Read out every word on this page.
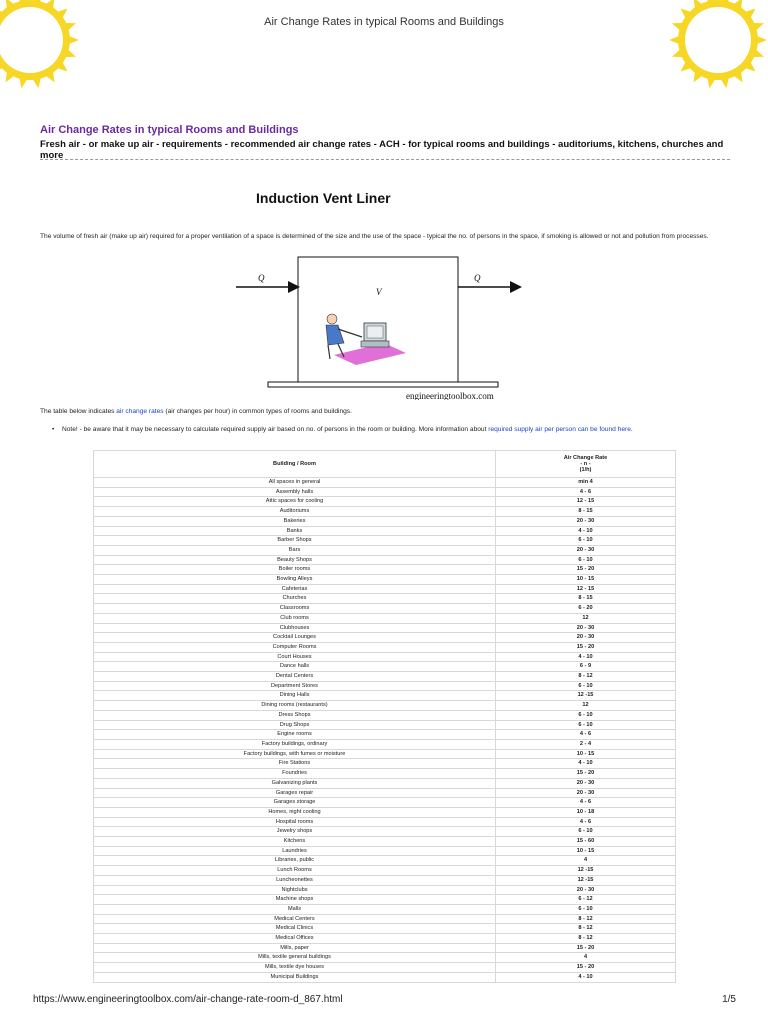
Air Change Rates in typical Rooms and Buildings
Air Change Rates in typical Rooms and Buildings
Fresh air - or make up air - requirements - recommended air change rates - ACH - for typical rooms and buildings - auditoriums, kitchens, churches and more
Induction Vent Liner
The volume of fresh air (make up air) required for a proper ventilation of a space is determined of the size and the use of the space - typical the no. of persons in the space, if smoking is allowed or not and pollution from processes.
Q
V
Q
engineeringtoolbox.com
The table below indicates air change rates (air changes per hour) in common types of rooms and buildings.
• Note! - be aware that it may be necessary to calculate required supply air based on no. of persons in the room or building. More information about required supply air per person can be found here.
Building / Room	Air Change Rate
- n -
(1/h)

All spaces in general	min 4
Assembly halls	4 - 6
Attic spaces for cooling	12 - 15
Auditoriums	8 - 15
Bakeries	20 - 30
Banks	4 - 10
Barber Shops	6 - 10
Bars	20 - 30
Beauty Shops	6 - 10
Boiler rooms	15 - 20
Bowling Alleys	10 - 15
Cafeterias	12 - 15
Churches	8 - 15
Classrooms	6 - 20
Club rooms	12
Clubhouses	20 - 30
Cocktail Lounges	20 - 30
Computer Rooms	15 - 20
Court Houses	4 - 10
Dance halls	6 - 9
Dental Centers	8 - 12
Department Stores	6 - 10
Dining Halls	12 -15
Dining rooms (restaurants)	12
Dress Shops	6 - 10
Drug Shops	6 - 10
Engine rooms	4 - 6
Factory buildings, ordinary	2 - 4
Factory buildings, with fumes or moisture	10 - 15
Fire Stations	4 - 10
Foundries	15 - 20
Galvanizing plants	20 - 30
Garages repair	20 - 30
Garages storage	4 - 6
Homes, night cooling	10 - 18
Hospital rooms	4 - 6
Jewelry shops	6 - 10
Kitchens	15 - 60
Laundries	10 - 15
Libraries, public	4
Lunch Rooms	12 -15
Luncheonettes	12 -15
Nightclubs	20 - 30
Machine shops	6 - 12
Malls	6 - 10
Medical Centers	8 - 12
Medical Clinics	8 - 12
Medical Offices	8 - 12
Mills, paper	15 - 20
Mills, textile general buildings	4
Mills, textile dye houses	15 - 20
Municipal Buildings	4 - 10
https://www.engineeringtoolbox.com/air-change-rate-room-d_867.html	1/5
